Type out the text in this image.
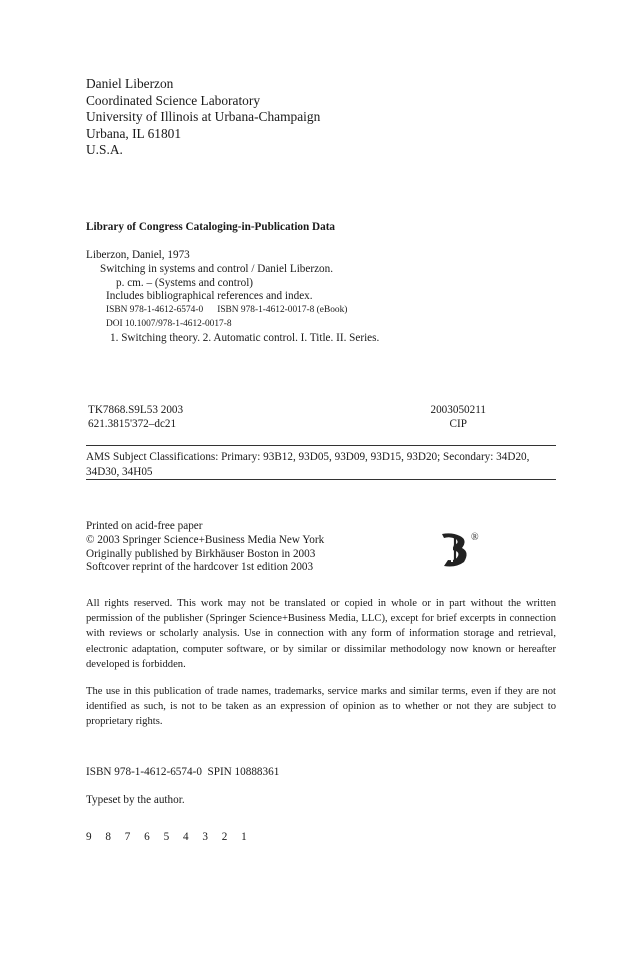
Daniel Liberzon
Coordinated Science Laboratory
University of Illinois at Urbana-Champaign
Urbana, IL 61801
U.S.A.
Library of Congress Cataloging-in-Publication Data
Liberzon, Daniel, 1973
Switching in systems and control / Daniel Liberzon.
p. cm. – (Systems and control)
Includes bibliographical references and index.
ISBN 978-1-4612-6574-0      ISBN 978-1-4612-0017-8 (eBook)
DOI 10.1007/978-1-4612-0017-8
1. Switching theory. 2. Automatic control. I. Title. II. Series.
TK7868.S9L53 2003
621.3815'372–dc21
2003050211
CIP
AMS Subject Classifications: Primary: 93B12, 93D05, 93D09, 93D15, 93D20; Secondary: 34D20, 34D30, 34H05
Printed on acid-free paper
© 2003 Springer Science+Business Media New York
Originally published by Birkhäuser Boston in 2003
Softcover reprint of the hardcover 1st edition 2003
®
All rights reserved. This work may not be translated or copied in whole or in part without the written permission of the publisher (Springer Science+Business Media, LLC), except for brief excerpts in connection with reviews or scholarly analysis. Use in connection with any form of information storage and retrieval, electronic adaptation, computer software, or by similar or dissimilar methodology now known or hereafter developed is forbidden.
The use in this publication of trade names, trademarks, service marks and similar terms, even if they are not identified as such, is not to be taken as an expression of opinion as to whether or not they are subject to proprietary rights.
ISBN 978-1-4612-6574-0  SPIN 10888361
Typeset by the author.
9 8 7 6 5 4 3 2 1
